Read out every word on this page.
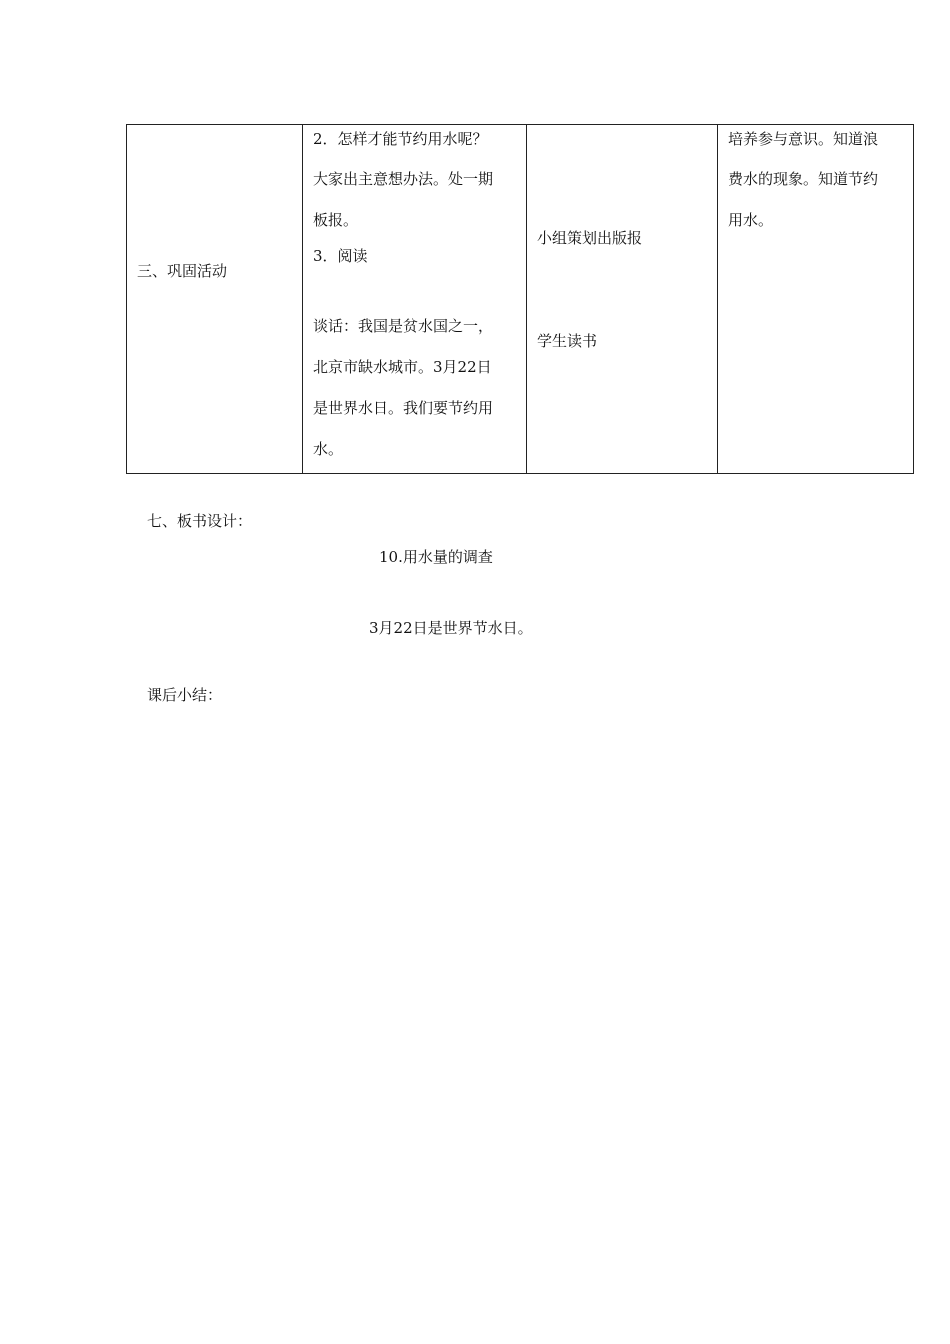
三、巩固活动

2．怎样才能节约用水呢？
大家出主意想办法。处一期
板报。
3．阅读
谈话：我国是贫水国之一，
北京市缺水城市。3月22日
是世界水日。我们要节约用
水。

小组策划出版报
学生读书

培养参与意识。知道浪
费水的现象。知道节约
用水。
七、板书设计：
10.用水量的调查
3月22日是世界节水日。
课后小结：
